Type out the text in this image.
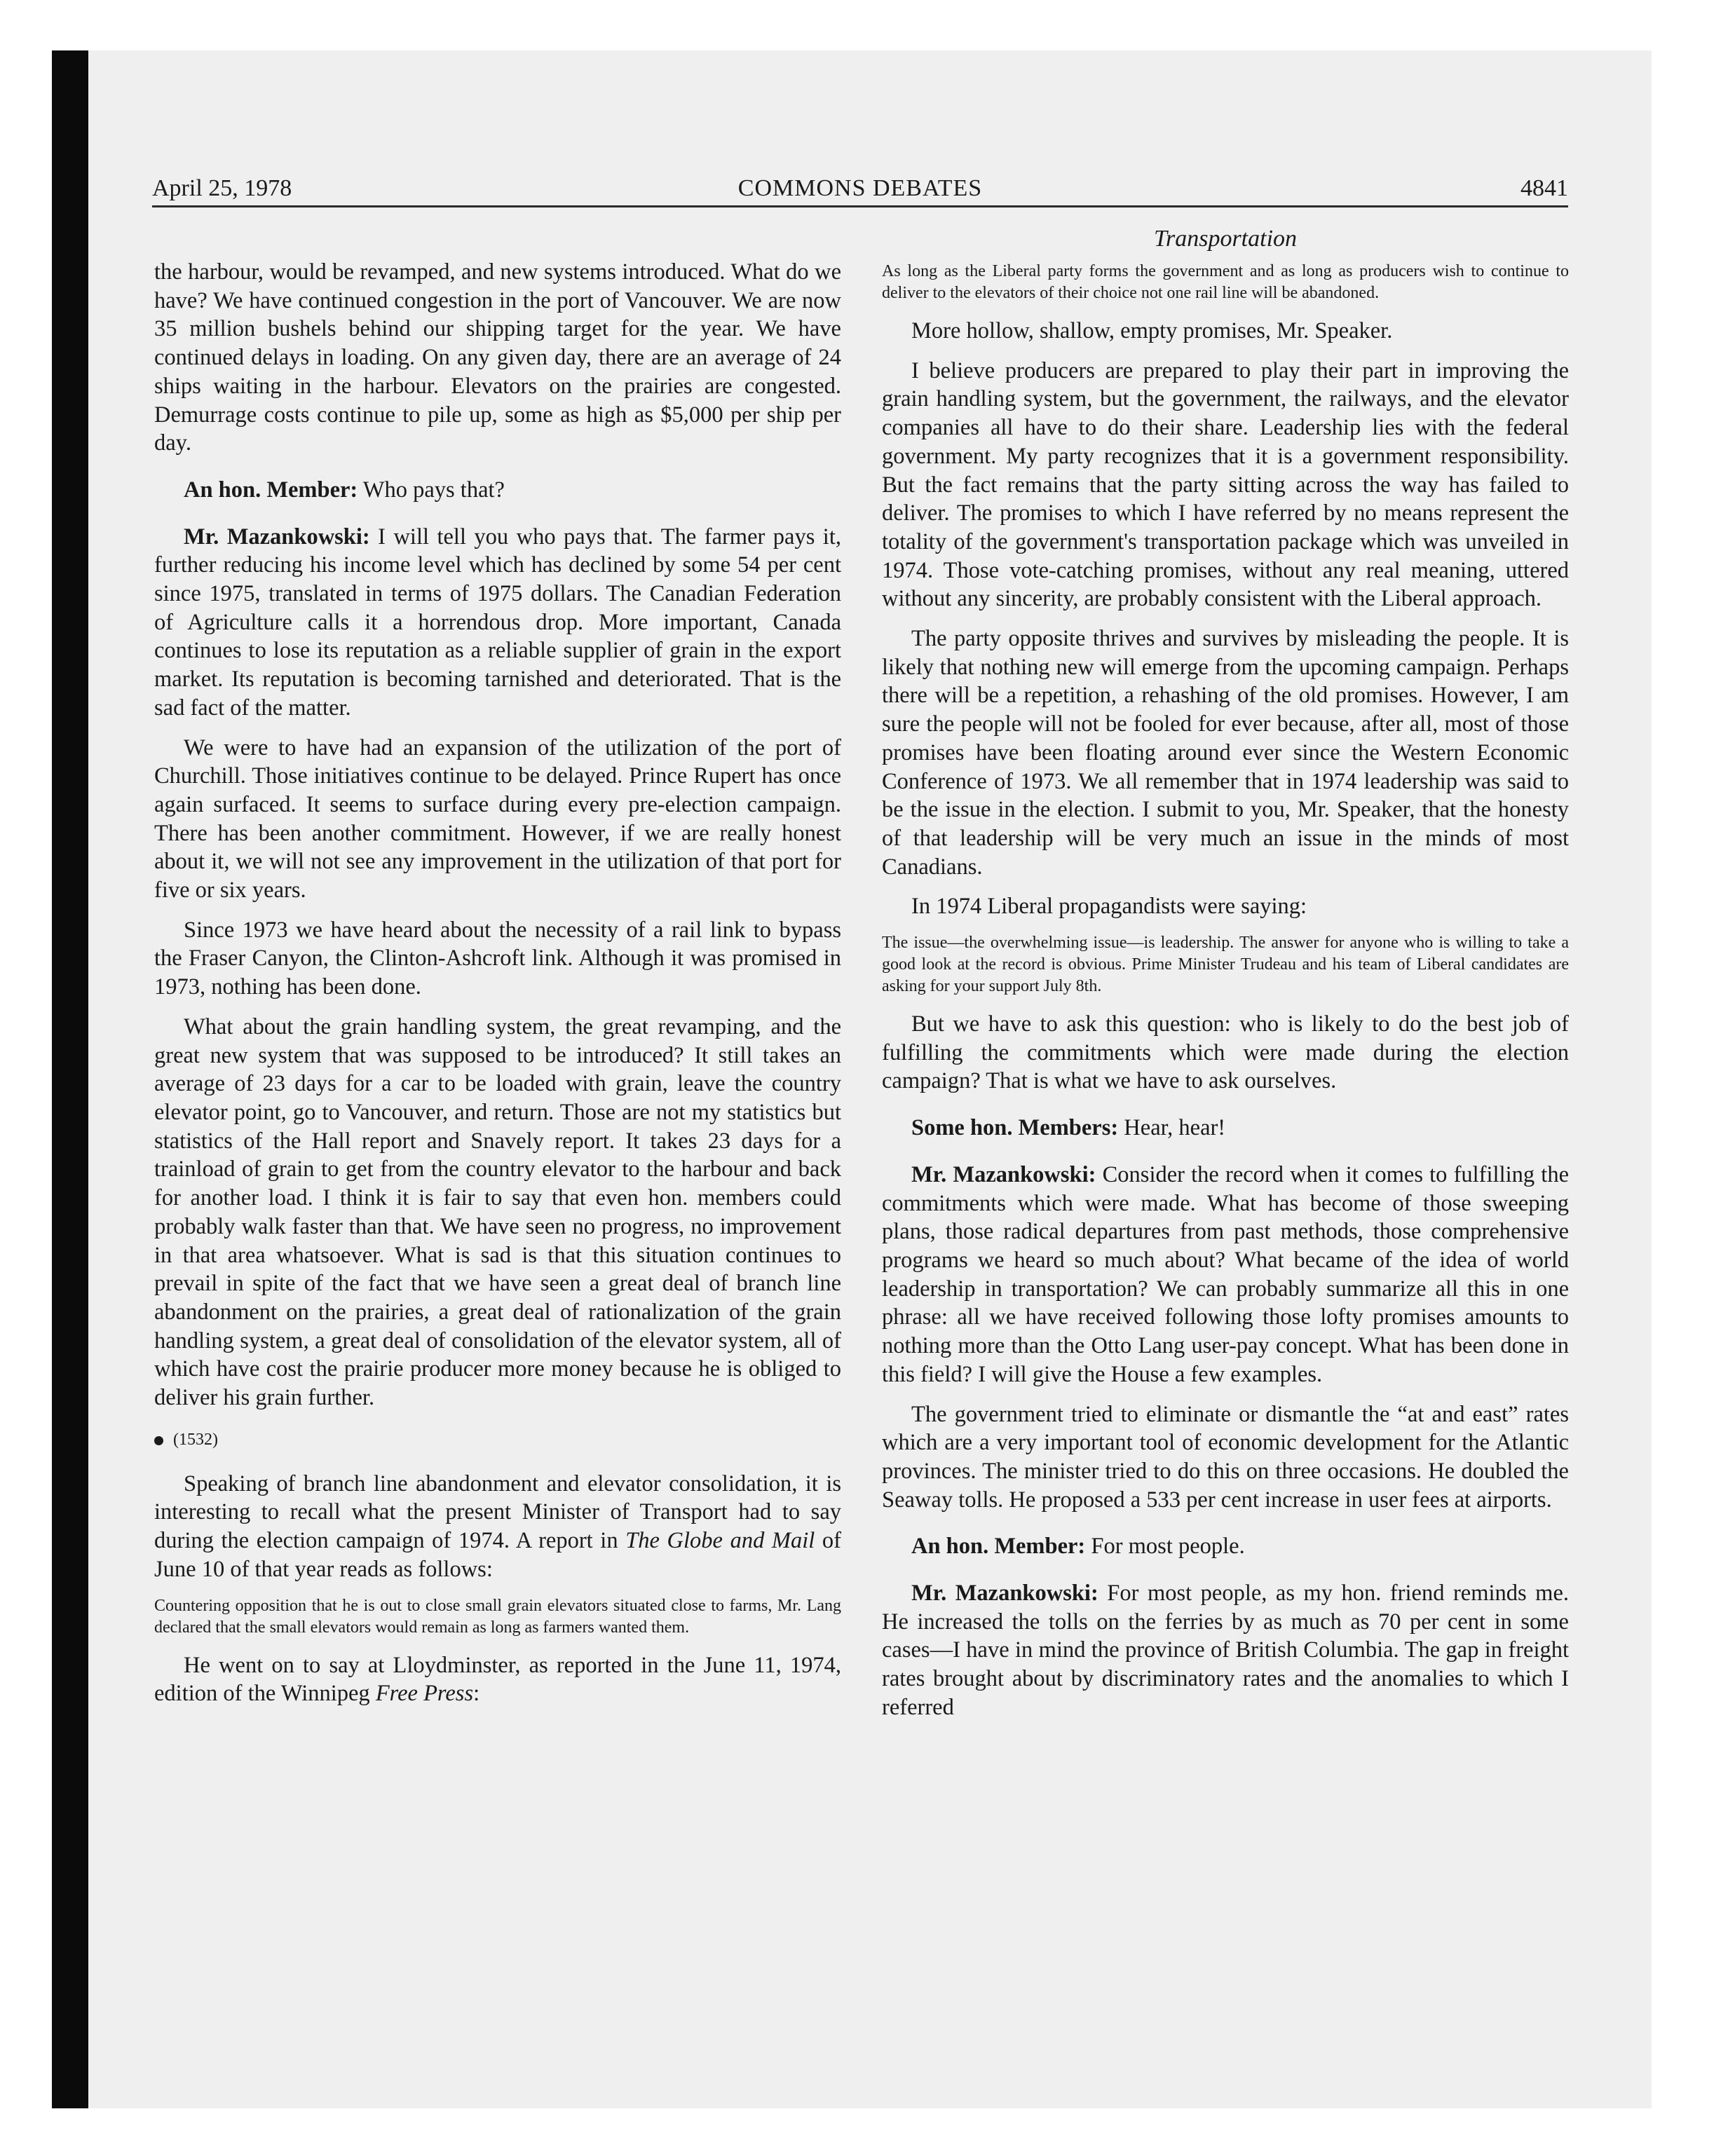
April 25, 1978	COMMONS DEBATES	4841

the harbour, would be revamped, and new systems introduced. What do we have? We have continued congestion in the port of Vancouver. We are now 35 million bushels behind our shipping target for the year. We have continued delays in loading. On any given day, there are an average of 24 ships waiting in the harbour. Elevators on the prairies are congested. Demurrage costs continue to pile up, some as high as $5,000 per ship per day.

An hon. Member: Who pays that?

Mr. Mazankowski: I will tell you who pays that. The farmer pays it, further reducing his income level which has declined by some 54 per cent since 1975, translated in terms of 1975 dollars. The Canadian Federation of Agriculture calls it a horrendous drop. More important, Canada continues to lose its reputation as a reliable supplier of grain in the export market. Its reputation is becoming tarnished and deteriorated. That is the sad fact of the matter.

We were to have had an expansion of the utilization of the port of Churchill. Those initiatives continue to be delayed. Prince Rupert has once again surfaced. It seems to surface during every pre-election campaign. There has been another commitment. However, if we are really honest about it, we will not see any improvement in the utilization of that port for five or six years.

Since 1973 we have heard about the necessity of a rail link to bypass the Fraser Canyon, the Clinton-Ashcroft link. Although it was promised in 1973, nothing has been done.

What about the grain handling system, the great revamping, and the great new system that was supposed to be introduced? It still takes an average of 23 days for a car to be loaded with grain, leave the country elevator point, go to Vancouver, and return. Those are not my statistics but statistics of the Hall report and Snavely report. It takes 23 days for a trainload of grain to get from the country elevator to the harbour and back for another load. I think it is fair to say that even hon. members could probably walk faster than that. We have seen no progress, no improvement in that area whatsoever. What is sad is that this situation continues to prevail in spite of the fact that we have seen a great deal of branch line abandonment on the prairies, a great deal of rationalization of the grain handling system, a great deal of consolidation of the elevator system, all of which have cost the prairie producer more money because he is obliged to deliver his grain further.

(1532)

Speaking of branch line abandonment and elevator consolidation, it is interesting to recall what the present Minister of Transport had to say during the election campaign of 1974. A report in The Globe and Mail of June 10 of that year reads as follows:

Countering opposition that he is out to close small grain elevators situated close to farms, Mr. Lang declared that the small elevators would remain as long as farmers wanted them.

He went on to say at Lloydminster, as reported in the June 11, 1974, edition of the Winnipeg Free Press:

Transportation

As long as the Liberal party forms the government and as long as producers wish to continue to deliver to the elevators of their choice not one rail line will be abandoned.

More hollow, shallow, empty promises, Mr. Speaker.

I believe producers are prepared to play their part in improving the grain handling system, but the government, the railways, and the elevator companies all have to do their share. Leadership lies with the federal government. My party recognizes that it is a government responsibility. But the fact remains that the party sitting across the way has failed to deliver. The promises to which I have referred by no means represent the totality of the government's transportation package which was unveiled in 1974. Those vote-catching promises, without any real meaning, uttered without any sincerity, are probably consistent with the Liberal approach.

The party opposite thrives and survives by misleading the people. It is likely that nothing new will emerge from the upcoming campaign. Perhaps there will be a repetition, a rehashing of the old promises. However, I am sure the people will not be fooled for ever because, after all, most of those promises have been floating around ever since the Western Economic Conference of 1973. We all remember that in 1974 leadership was said to be the issue in the election. I submit to you, Mr. Speaker, that the honesty of that leadership will be very much an issue in the minds of most Canadians.

In 1974 Liberal propagandists were saying:

The issue—the overwhelming issue—is leadership. The answer for anyone who is willing to take a good look at the record is obvious. Prime Minister Trudeau and his team of Liberal candidates are asking for your support July 8th.

But we have to ask this question: who is likely to do the best job of fulfilling the commitments which were made during the election campaign? That is what we have to ask ourselves.

Some hon. Members: Hear, hear!

Mr. Mazankowski: Consider the record when it comes to fulfilling the commitments which were made. What has become of those sweeping plans, those radical departures from past methods, those comprehensive programs we heard so much about? What became of the idea of world leadership in transportation? We can probably summarize all this in one phrase: all we have received following those lofty promises amounts to nothing more than the Otto Lang user-pay concept. What has been done in this field? I will give the House a few examples.

The government tried to eliminate or dismantle the “at and east” rates which are a very important tool of economic development for the Atlantic provinces. The minister tried to do this on three occasions. He doubled the Seaway tolls. He proposed a 533 per cent increase in user fees at airports.

An hon. Member: For most people.

Mr. Mazankowski: For most people, as my hon. friend reminds me. He increased the tolls on the ferries by as much as 70 per cent in some cases—I have in mind the province of British Columbia. The gap in freight rates brought about by discriminatory rates and the anomalies to which I referred
